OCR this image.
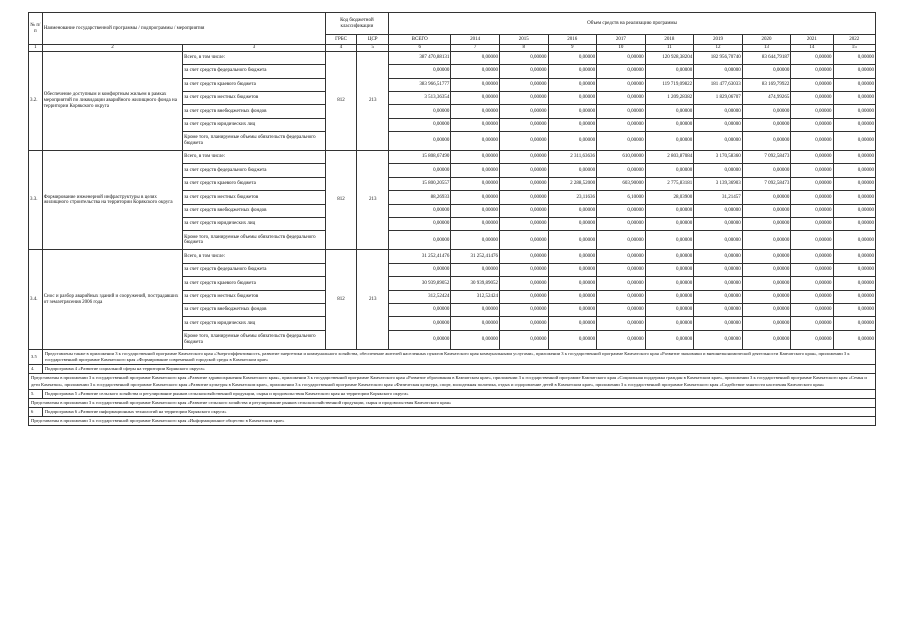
№ п/п	Наименование государственной программы / подпрограммы / мероприятия		Код бюджетной классификации		Объем средств на реализацию программы									
			ГРБС	ЦСР	ВСЕГО	2014	2015	2016	2017	2018	2019	2020	2021	2022
1	2	3	4	5	6	7	8	9	10	11	12	13	14	15
3.2.	Обеспечение доступным и комфортным жильем в рамках мероприятий по ликвидации аварийного жилищного фонда на территории Корякского округа	Всего, в том числе:	812	213	387 470,88131	0,00000	0,00000	0,00000	0,00000	120 928,38204	182 956,70740	83 644,79187	0,00000	0,00000
		за счет средств федерального бюджета			0,00000	0,00000	0,00000	0,00000	0,00000	0,00000	0,00000	0,00000	0,00000	0,00000
		за счет средств краевого бюджета			383 966,51777	0,00000	0,00000	0,00000	0,00000	119 719,09822	181 477,63033	83 169,79922	0,00000	0,00000
		за счет средств местных бюджетов			3 513,36354	0,00000	0,00000	0,00000	0,00000	1 209,28382	1 829,06707	474,99265	0,00000	0,00000
		за счет средств внебюджетных фондов			0,00000	0,00000	0,00000	0,00000	0,00000	0,00000	0,00000	0,00000	0,00000	0,00000
		за счет средств юридических лиц			0,00000	0,00000	0,00000	0,00000	0,00000	0,00000	0,00000	0,00000	0,00000	0,00000
		Кроме того, планируемые объемы обязательств федерального бюджета			0,00000	0,00000	0,00000	0,00000	0,00000	0,00000	0,00000	0,00000	0,00000	0,00000
3.3.	Формирование инженерной инфраструктуры в целях жилищного строительства на территории Корякского округа	Всего, в том числе:	812	213	15 808,67490	0,00000	0,00000	2 311,63636	610,00000	2 803,87084	3 170,58360	7 092,58473	0,00000	0,00000
		за счет средств федерального бюджета			0,00000	0,00000	0,00000	0,00000	0,00000	0,00000	0,00000	0,00000	0,00000	0,00000
		за счет средств краевого бюджета			15 800,20557	0,00000	0,00000	2 288,52000	603,90000	2 775,83181	3 139,36903	7 092,58473	0,00000	0,00000
		за счет средств местных бюджетов			88,26933	0,00000	0,00000	23,11636	6,10000	28,03900	31,21457	0,00000	0,00000	0,00000
		за счет средств внебюджетных фондов			0,00000	0,00000	0,00000	0,00000	0,00000	0,00000	0,00000	0,00000	0,00000	0,00000
		за счет средств юридических лиц			0,00000	0,00000	0,00000	0,00000	0,00000	0,00000	0,00000	0,00000	0,00000	0,00000
		Кроме того, планируемые объемы обязательств федерального бюджета			0,00000	0,00000	0,00000	0,00000	0,00000	0,00000	0,00000	0,00000	0,00000	0,00000
3.4.	Снос и разбор аварийных зданий и сооружений, пострадавших от землетрясения 2006 года	Всего, в том числе:	812	213	31 252,41476	31 252,41476	0,00000	0,00000	0,00000	0,00000	0,00000	0,00000	0,00000	0,00000
		за счет средств федерального бюджета			0,00000	0,00000	0,00000	0,00000	0,00000	0,00000	0,00000	0,00000	0,00000	0,00000
		за счет средств краевого бюджета			30 939,89052	30 939,89052	0,00000	0,00000	0,00000	0,00000	0,00000	0,00000	0,00000	0,00000
		за счет средств местных бюджетов			312,52424	312,52424	0,00000	0,00000	0,00000	0,00000	0,00000	0,00000	0,00000	0,00000
		за счет средств внебюджетных фондов			0,00000	0,00000	0,00000	0,00000	0,00000	0,00000	0,00000	0,00000	0,00000	0,00000
		за счет средств юридических лиц			0,00000	0,00000	0,00000	0,00000	0,00000	0,00000	0,00000	0,00000	0,00000	0,00000
		Кроме того, планируемые объемы обязательств федерального бюджета			0,00000	0,00000	0,00000	0,00000	0,00000	0,00000	0,00000	0,00000	0,00000	0,00000
3.5	Представлены также в приложении 3 к государственной программе Камчатского края «Энергоэффективность, развитие энергетики и коммунального хозяйства, обеспечение жителей населенных пунктов Камчатского края коммунальными услугами», приложении 3 к государственной программе Камчатского края «Развитие экономики и внешнеэкономической деятельности Камчатского края», приложении 3 к государственной программе Камчатского края «Формирование современной городской среды в Камчатском крае»													
4.	Подпрограмма 4 «Развитие социальной сферы на территории Корякского округа»													
Представлены в приложении 3 к государственной программе Камчатского края «Развитие здравоохранения Камчатского края», приложении 3 к государственной программе Камчатского края «Развитие образования в Камчатском крае», приложении 3 к государственной программе Камчатского края «Социальная поддержка граждан в Камчатском крае», приложении 3 к государственной программе Камчатского края «Семья и дети Камчатки», приложении 3 к государственной программе Камчатского края «Развитие культуры в Камчатском крае», приложении 3 к государственной программе Камчатского края «Физическая культура, спорт, молодежная политика, отдых и оздоровление детей в Камчатском крае», приложении 3 к государственной программе Камчатского края «Содействие занятости населения Камчатского края»														
5.	Подпрограмма 5 «Развитие сельского хозяйства и регулирование рынков сельскохозяйственной продукции, сырья и продовольствия Камчатского края на территории Корякского округа»													
Представлены в приложении 3 к государственной программе Камчатского края «Развитие сельского хозяйства и регулирование рынков сельскохозяйственной продукции, сырья и продовольствия Камчатского края»														
6	Подпрограмма 6 «Развитие информационных технологий на территории Корякского округа»													
Представлены в приложении 3 к государственной программе Камчатского края «Информационное общество в Камчатском крае»														
